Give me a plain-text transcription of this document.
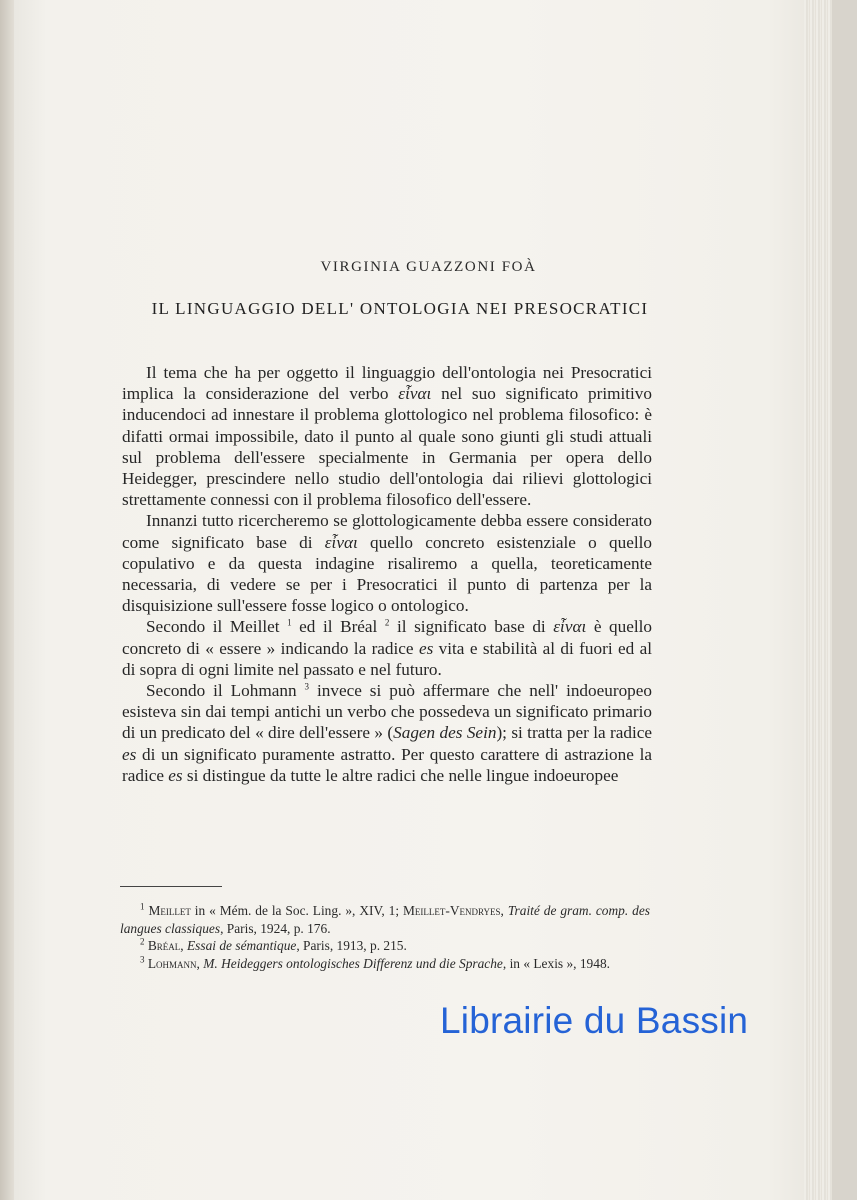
VIRGINIA GUAZZONI FOÀ
IL LINGUAGGIO DELL' ONTOLOGIA NEI PRESOCRATICI

Il tema che ha per oggetto il linguaggio dell'ontologia nei Presocratici implica la considerazione del verbo εἶναι nel suo significato primitivo inducendoci ad innestare il problema glottologico nel problema filosofico: è difatti ormai impossibile, dato il punto al quale sono giunti gli studi attuali sul problema dell'essere specialmente in Germania per opera dello Heidegger, prescindere nello studio dell'ontologia dai rilievi glottologici strettamente connessi con il problema filosofico dell'essere.

Innanzi tutto ricercheremo se glottologicamente debba essere considerato come significato base di εἶναι quello concreto esistenziale o quello copulativo e da questa indagine risaliremo a quella, teoreticamente necessaria, di vedere se per i Presocratici il punto di partenza per la disquisizione sull'essere fosse logico o ontologico.

Secondo il Meillet $^1$ ed il Bréal $^2$ il significato base di εἶναι è quello concreto di « essere » indicando la radice es vita e stabilità al di fuori ed al di sopra di ogni limite nel passato e nel futuro.

Secondo il Lohmann $^3$ invece si può affermare che nell' indoeuropeo esisteva sin dai tempi antichi un verbo che possedeva un significato primario di un predicato del « dire dell'essere » (Sagen des Sein); si tratta per la radice es di un significato puramente astratto. Per questo carattere di astrazione la radice es si distingue da tutte le altre radici che nelle lingue indoeuropee

$^1$ Meillet in « Mém. de la Soc. Ling. », XIV, 1; Meillet-Vendryes, Traité de gram. comp. des langues classiques, Paris, 1924, p. 176.

$^2$ Bréal, Essai de sémantique, Paris, 1913, p. 215.

$^3$ Lohmann, M. Heideggers ontologisches Differenz und die Sprache, in « Lexis », 1948.

Librairie du Bassin
